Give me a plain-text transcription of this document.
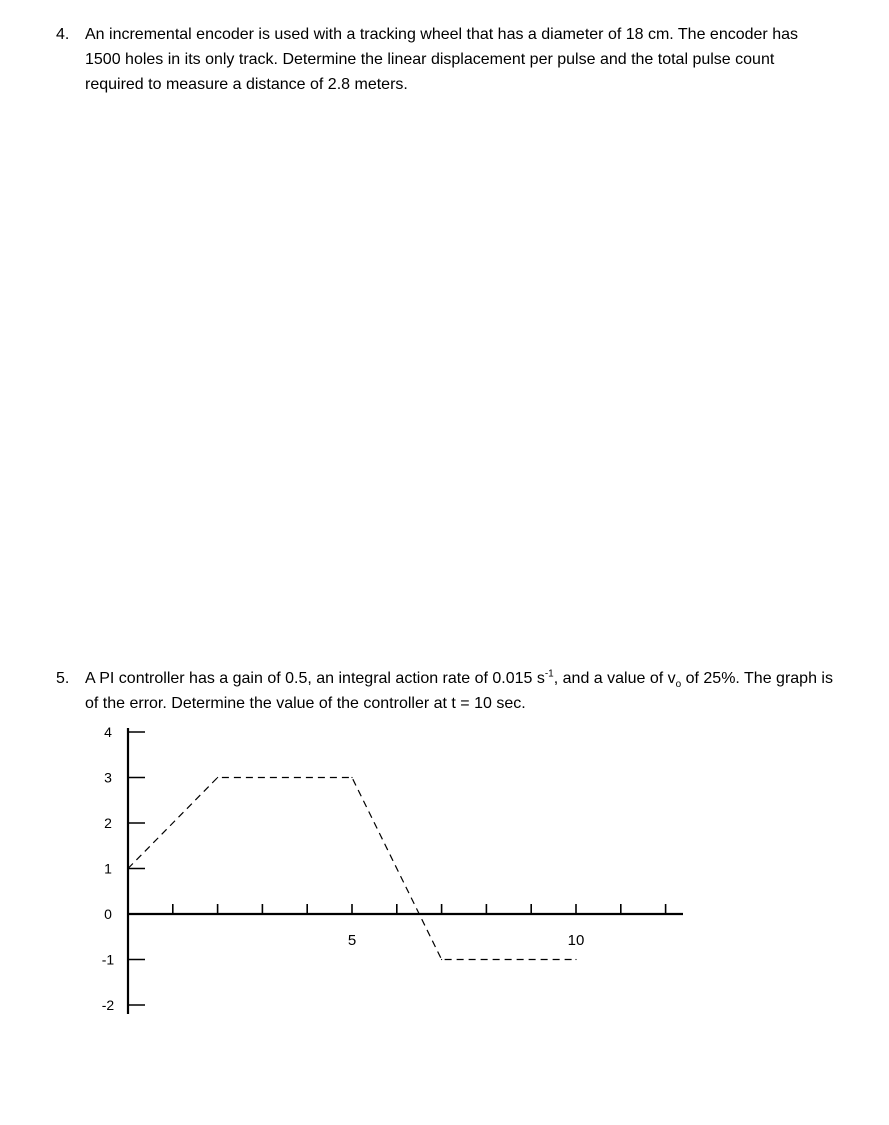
4. An incremental encoder is used with a tracking wheel that has a diameter of 18 cm. The encoder has 1500 holes in its only track. Determine the linear displacement per pulse and the total pulse count required to measure a distance of 2.8 meters.
5. A PI controller has a gain of 0.5, an integral action rate of 0.015 $s^{-1}$, and a value of $v_o$ of 25%. The graph is of the error. Determine the value of the controller at t = 10 sec.
4
3
2
1
0
-1
-2
5	10
